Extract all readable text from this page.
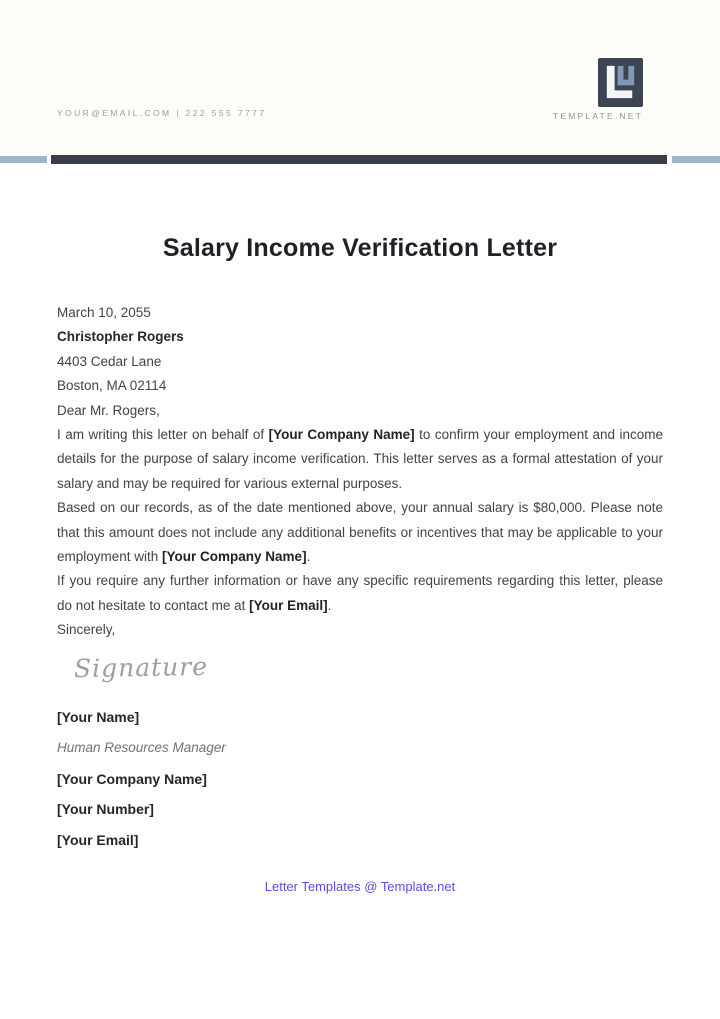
YOUR@EMAIL.COM | 222 555 7777	TEMPLATE.NET
Salary Income Verification Letter

March 10, 2055

Christopher Rogers

4403 Cedar Lane

Boston, MA 02114

Dear Mr. Rogers,

I am writing this letter on behalf of [Your Company Name] to confirm your employment and income details for the purpose of salary income verification. This letter serves as a formal attestation of your salary and may be required for various external purposes.

Based on our records, as of the date mentioned above, your annual salary is $80,000. Please note that this amount does not include any additional benefits or incentives that may be applicable to your employment with [Your Company Name].

If you require any further information or have any specific requirements regarding this letter, please do not hesitate to contact me at [Your Email].

Sincerely,

Signature

[Your Name]

Human Resources Manager

[Your Company Name]

[Your Number]

[Your Email]

Letter Templates @ Template.net
